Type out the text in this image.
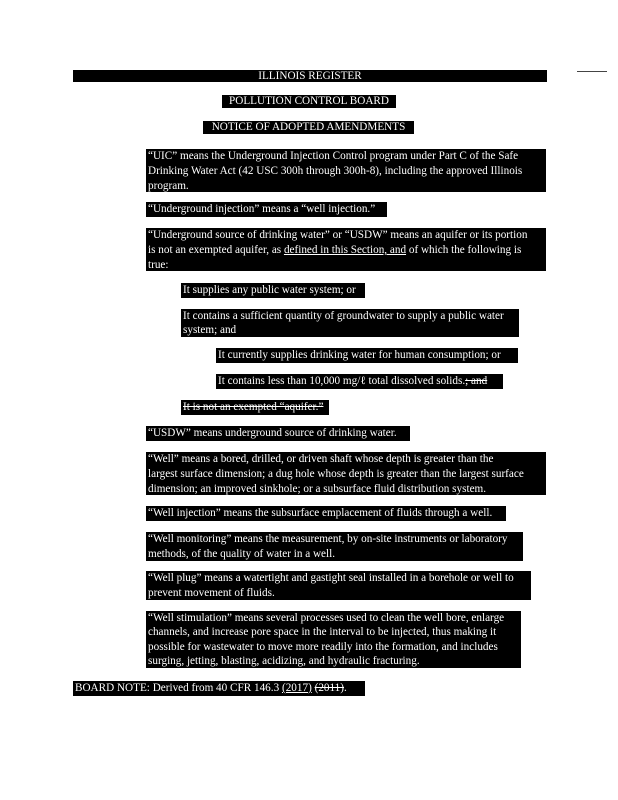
ILLINOIS REGISTER
POLLUTION CONTROL BOARD
NOTICE OF ADOPTED AMENDMENTS
“UIC” means the Underground Injection Control program under Part C of the Safe
Drinking Water Act (42 USC 300h through 300h-8), including the approved Illinois
program.
“Underground injection” means a “well injection.”
“Underground source of drinking water” or “USDW” means an aquifer or its portion
is not an exempted aquifer, as defined in this Section, and of which the following is
true:
It supplies any public water system; or
It contains a sufficient quantity of groundwater to supply a public water
system; and
It currently supplies drinking water for human consumption; or
It contains less than 10,000 mg/ℓ total dissolved solids.; and
It is not an exempted “aquifer.”
“USDW” means underground source of drinking water.
“Well” means a bored, drilled, or driven shaft whose depth is greater than the
largest surface dimension; a dug hole whose depth is greater than the largest surface
dimension; an improved sinkhole; or a subsurface fluid distribution system.
“Well injection” means the subsurface emplacement of fluids through a well.
“Well monitoring” means the measurement, by on-site instruments or laboratory
methods, of the quality of water in a well.
“Well plug” means a watertight and gastight seal installed in a borehole or well to
prevent movement of fluids.
“Well stimulation” means several processes used to clean the well bore, enlarge
channels, and increase pore space in the interval to be injected, thus making it
possible for wastewater to move more readily into the formation, and includes
surging, jetting, blasting, acidizing, and hydraulic fracturing.
BOARD NOTE: Derived from 40 CFR 146.3 (2017) (2011).
